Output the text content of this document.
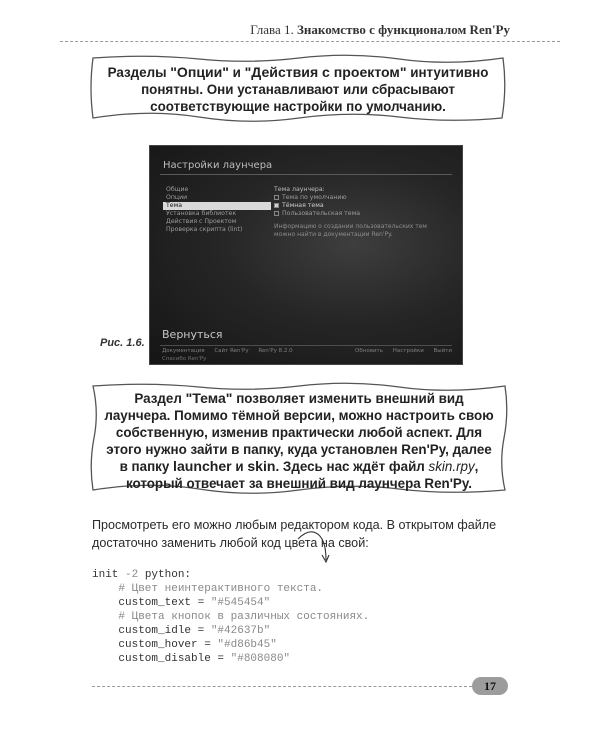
Глава 1. Знакомство с функционалом Ren'Py
Разделы "Опции" и "Действия с проектом" интуитивно понятны. Они устанавливают или сбрасывают соответствующие настройки по умолчанию.
Рис. 1.6.
Настройки лаунчера
Общие
Опции
Тема
Установка библиотек
Действия с Проектом
Проверка скрипта (lint)
Тема лаунчера:
Тема по умолчанию
Тёмная тема
Пользовательская тема
Информацию о создании пользовательских тем можно найти в документации Ren'Py.
Вернуться
Документация Сайт Ren'Py Ren'Py 8.2.0	Обновить Настройки Выйти
Спасибо Ren'Py
Раздел "Тема" позволяет изменить внешний вид лаунчера. Помимо тёмной версии, можно настроить свою собственную, изменив практически любой аспект. Для этого нужно зайти в папку, куда установлен Ren'Py, далее в папку launcher и skin. Здесь нас ждёт файл skin.rpy, который отвечает за внешний вид лаунчера Ren'Py.
Просмотреть его можно любым редактором кода. В открытом файле достаточно заменить любой код цвета на свой:
init -2 python:
# Цвет неинтерактивного текста.
custom_text = "#545454"
# Цвета кнопок в различных состояниях.
custom_idle = "#42637b"
custom_hover = "#d86b45"
custom_disable = "#808080"
17
